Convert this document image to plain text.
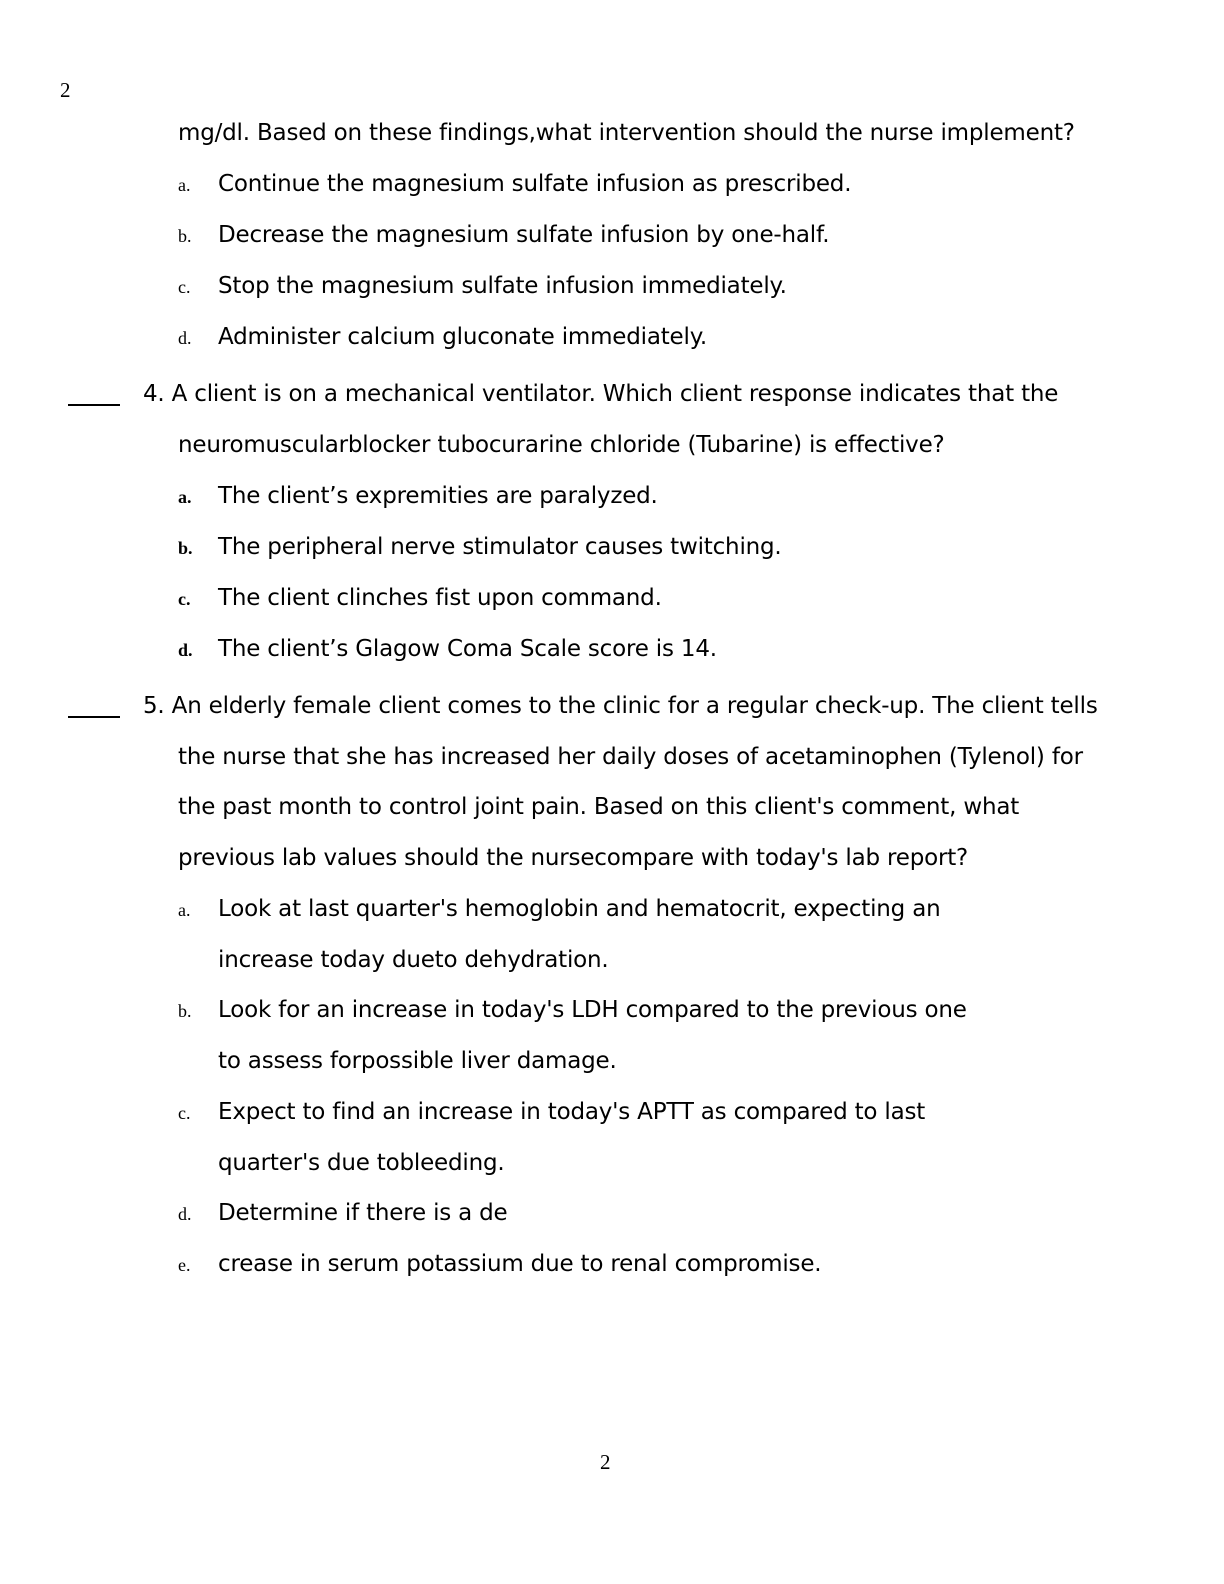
2
mg/dl. Based on these findings,what intervention should the nurse implement?
a. Continue the magnesium sulfate infusion as prescribed.
b. Decrease the magnesium sulfate infusion by one-half.
c. Stop the magnesium sulfate infusion immediately.
d. Administer calcium gluconate immediately.
4. A client is on a mechanical ventilator. Which client response indicates that the
neuromuscularblocker tubocurarine chloride (Tubarine) is effective?
a. The client’s expremities are paralyzed.
b. The peripheral nerve stimulator causes twitching.
c. The client clinches fist upon command.
d. The client’s Glagow Coma Scale score is 14.
5. An elderly female client comes to the clinic for a regular check-up. The client tells
the nurse that she has increased her daily doses of acetaminophen (Tylenol) for
the past month to control joint pain. Based on this client's comment, what
previous lab values should the nursecompare with today's lab report?
a. Look at last quarter's hemoglobin and hematocrit, expecting an
increase today dueto dehydration.
b. Look for an increase in today's LDH compared to the previous one
to assess forpossible liver damage.
c. Expect to find an increase in today's APTT as compared to last
quarter's due tobleeding.
d. Determine if there is a de
e. crease in serum potassium due to renal compromise.
2
